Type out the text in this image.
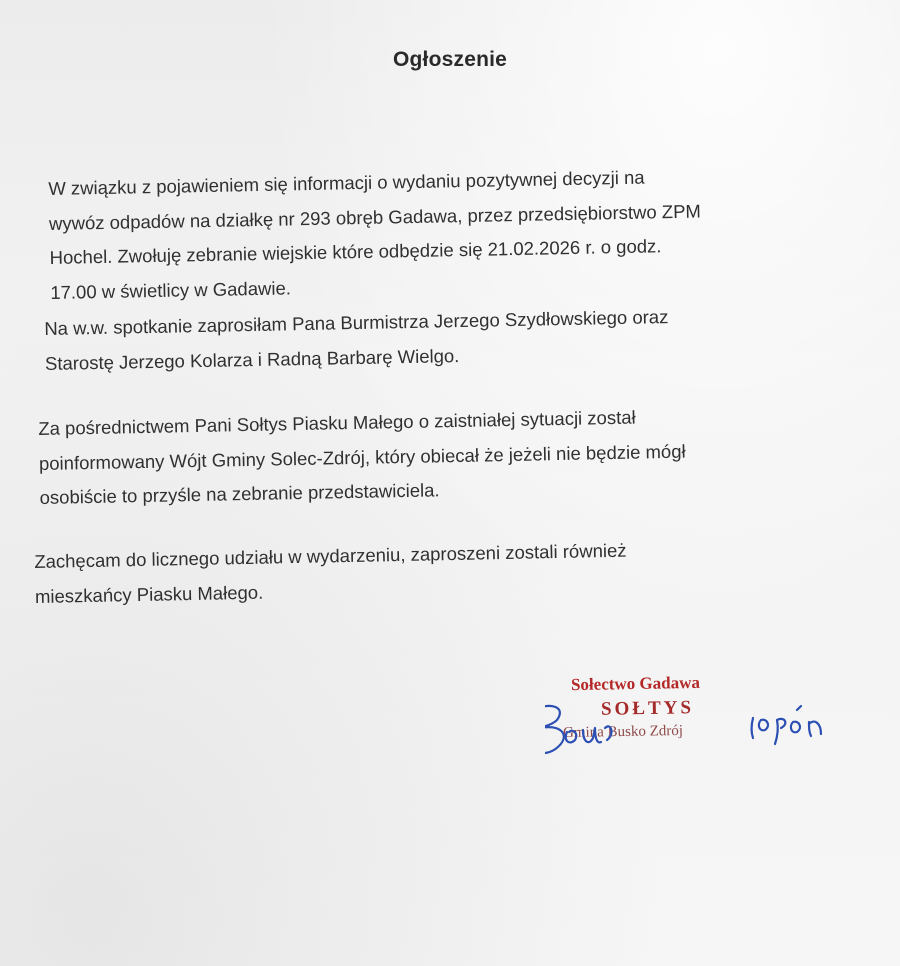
Ogłoszenie
W związku z pojawieniem się informacji o wydaniu pozytywnej decyzji na
wywóz odpadów na działkę nr 293 obręb Gadawa, przez przedsiębiorstwo ZPM
Hochel. Zwołuję zebranie wiejskie które odbędzie się 21.02.2026 r. o godz.
17.00 w świetlicy w Gadawie.
Na w.w. spotkanie zaprosiłam Pana Burmistrza Jerzego Szydłowskiego oraz
Starostę Jerzego Kolarza i Radną Barbarę Wielgo.
Za pośrednictwem Pani Sołtys Piasku Małego o zaistniałej sytuacji został
poinformowany Wójt Gminy Solec-Zdrój, który obiecał że jeżeli nie będzie mógł
osobiście to przyśle na zebranie przedstawiciela.
Zachęcam do licznego udziału w wydarzeniu, zaproszeni zostali również
mieszkańcy Piasku Małego.
Sołectwo Gadawa
SOŁTYS
Gmina Busko Zdrój
